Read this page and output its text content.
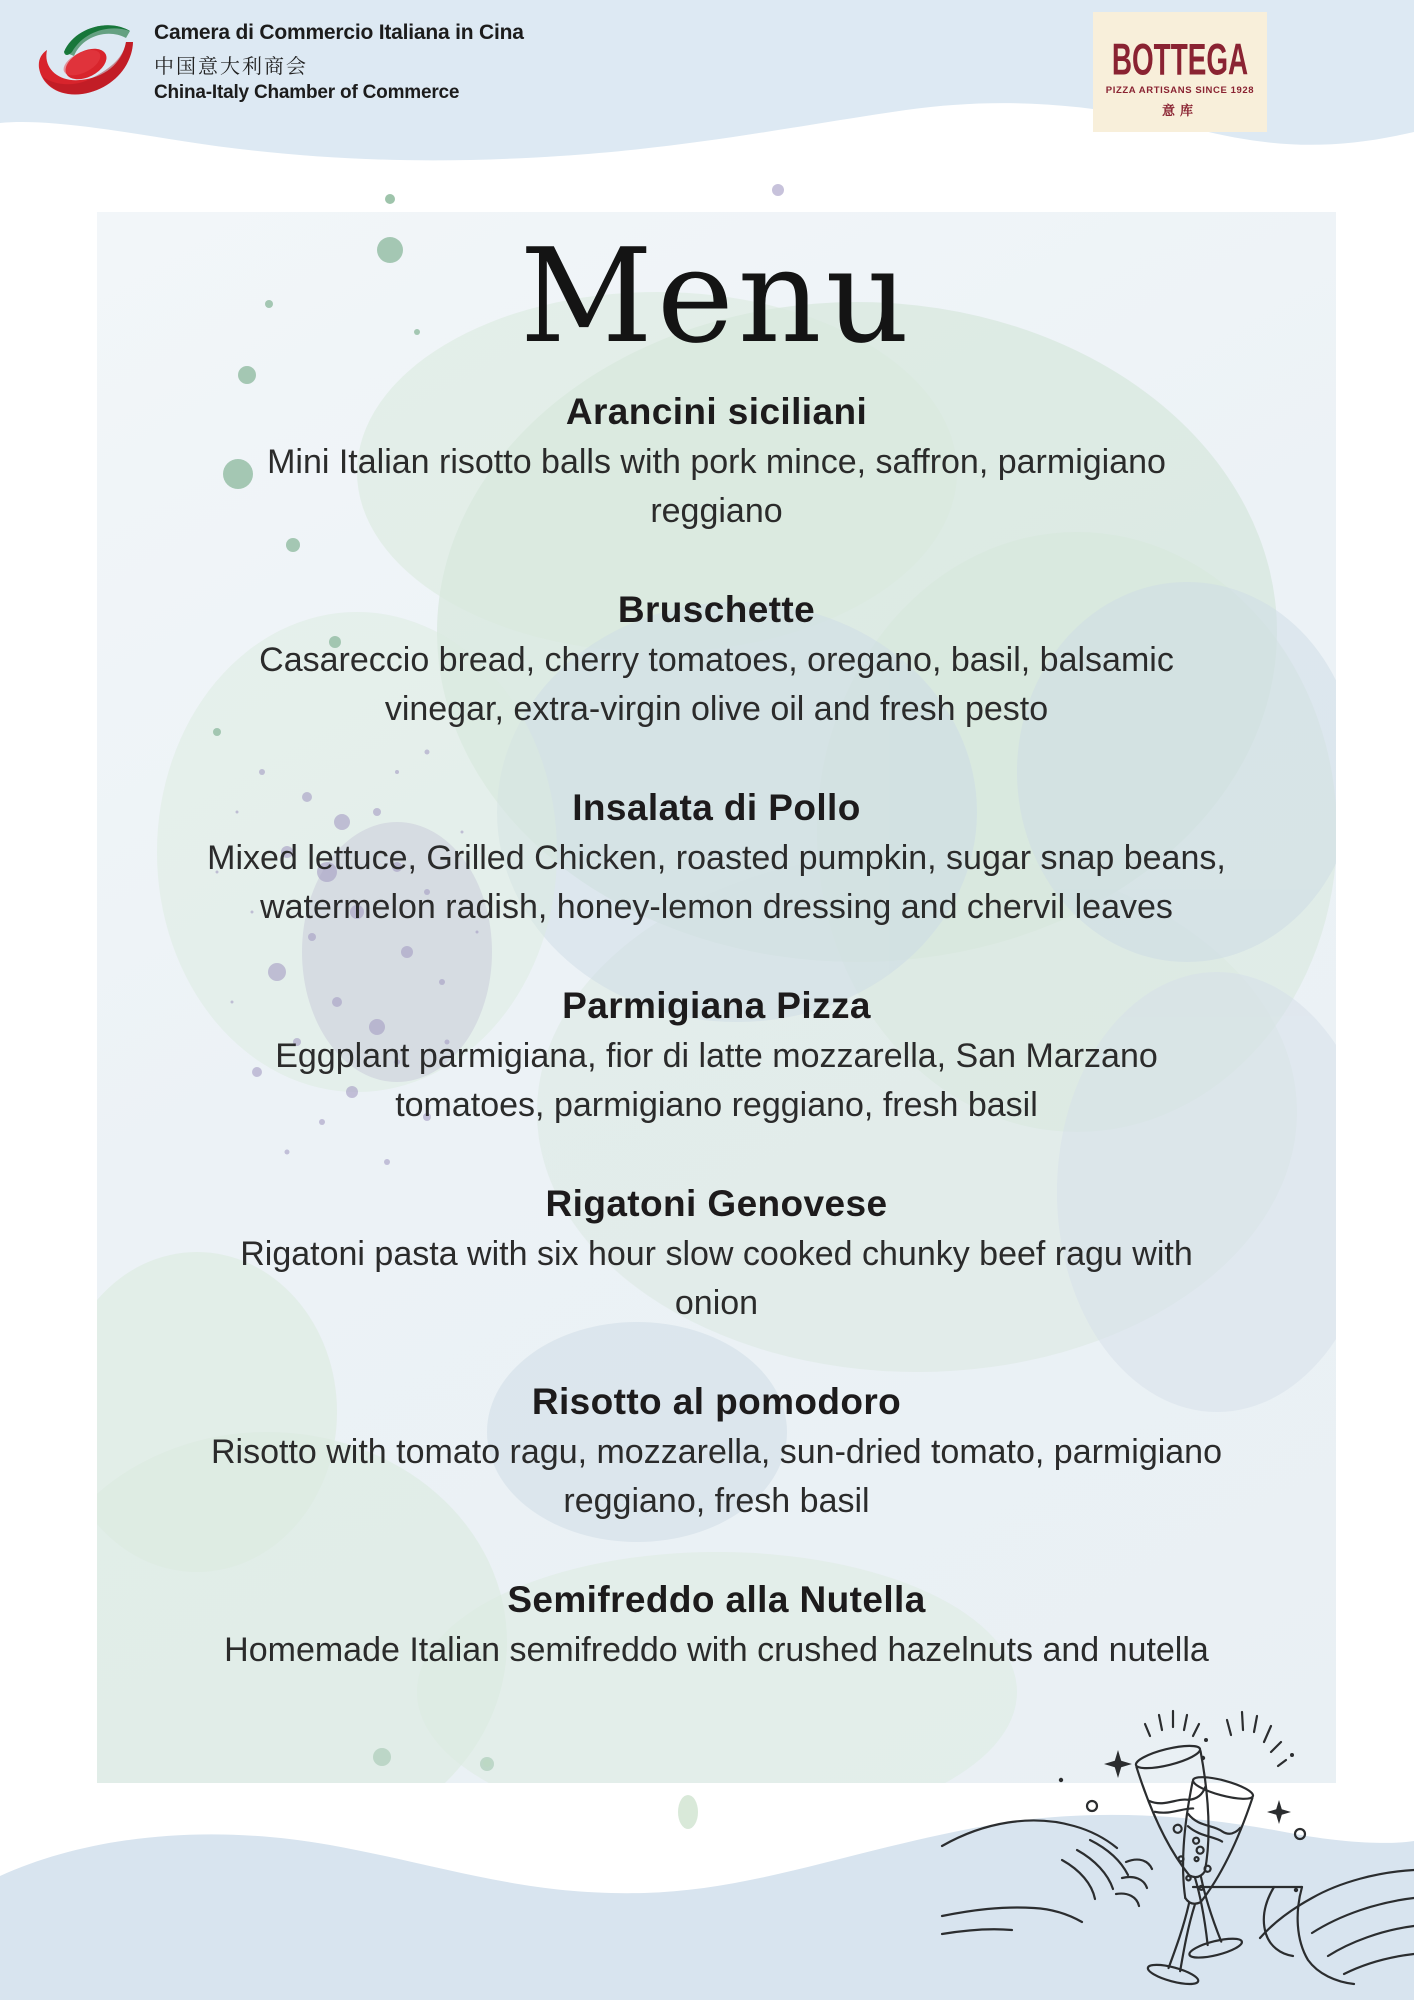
Camera di Commercio Italiana in Cina
中国意大利商会
China-Italy Chamber of Commerce
BOTTEGA
PIZZA ARTISANS SINCE 1928
意库
Menu
Arancini siciliani
Mini Italian risotto balls with pork mince, saffron, parmigiano reggiano
Bruschette
Casareccio bread, cherry tomatoes, oregano, basil, balsamic vinegar, extra-virgin olive oil and fresh pesto
Insalata di Pollo
Mixed lettuce, Grilled Chicken, roasted pumpkin, sugar snap beans, watermelon radish, honey-lemon dressing and chervil leaves
Parmigiana Pizza
Eggplant parmigiana, fior di latte mozzarella, San Marzano tomatoes, parmigiano reggiano, fresh basil
Rigatoni Genovese
Rigatoni pasta with six hour slow cooked chunky beef ragu with onion
Risotto al pomodoro
Risotto with tomato ragu, mozzarella, sun-dried tomato, parmigiano reggiano, fresh basil
Semifreddo alla Nutella
Homemade Italian semifreddo with crushed hazelnuts and nutella
